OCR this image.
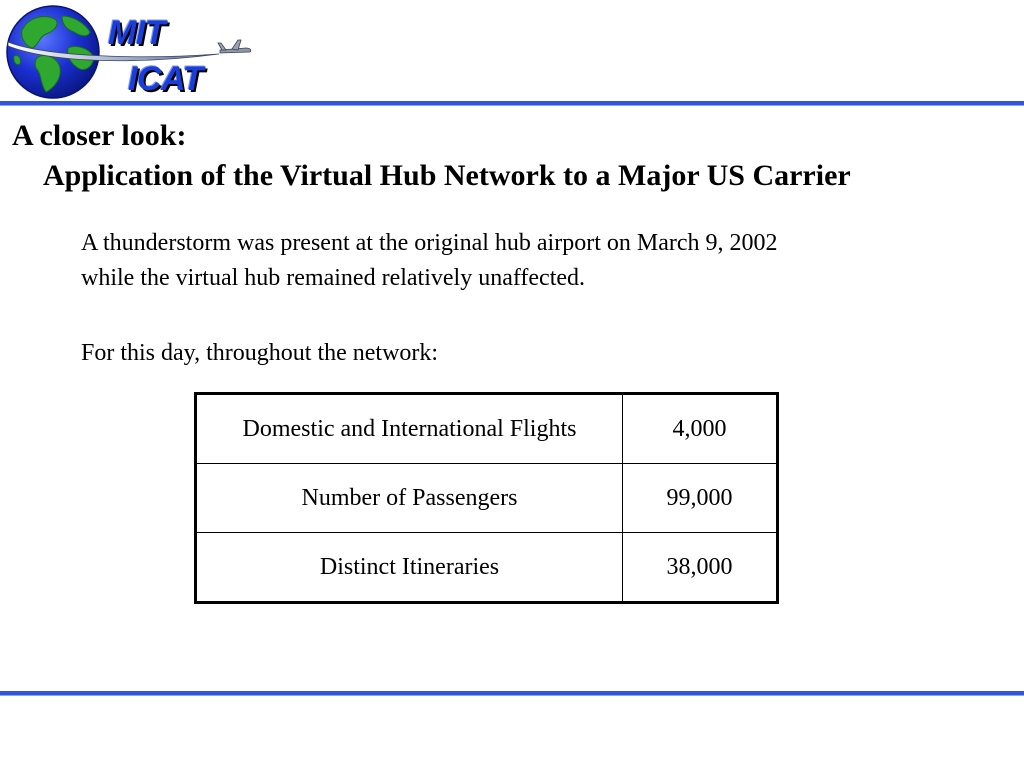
MIT
ICAT
A closer look:
Application of the Virtual Hub Network to a Major US Carrier

A thunderstorm was present at the original hub airport on March 9, 2002

while the virtual hub remained relatively unaffected.

For this day, throughout the network:

Domestic and International Flights	4,000
Number of Passengers	99,000
Distinct Itineraries	38,000
